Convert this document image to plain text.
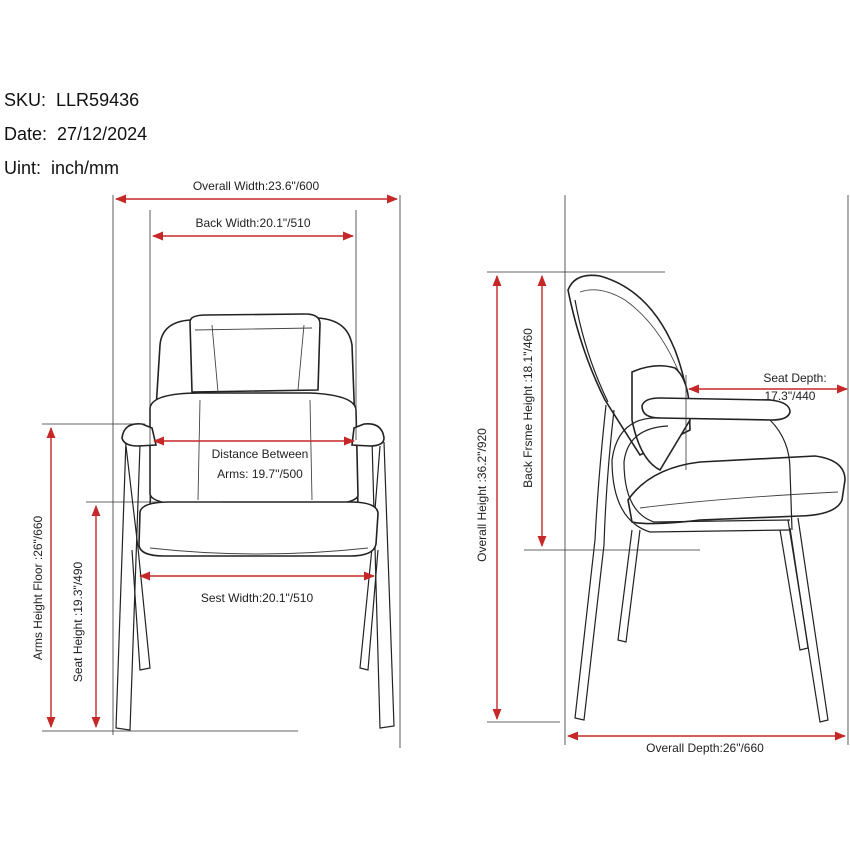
SKU: LLR59436
Date: 27/12/2024
Uint: inch/mm
Overall Width:23.6"/600
Back Width:20.1"/510
Distance Between
Arms: 19.7"/500
Sest Width:20.1"/510
Arms Height Floor :26"/660 Seat Height :19.3"/490
Overall Height :36.2"/920
Back Frsme Height :18.1"/460	Seat Depth:
17.3"/440
Overall Depth:26"/660
